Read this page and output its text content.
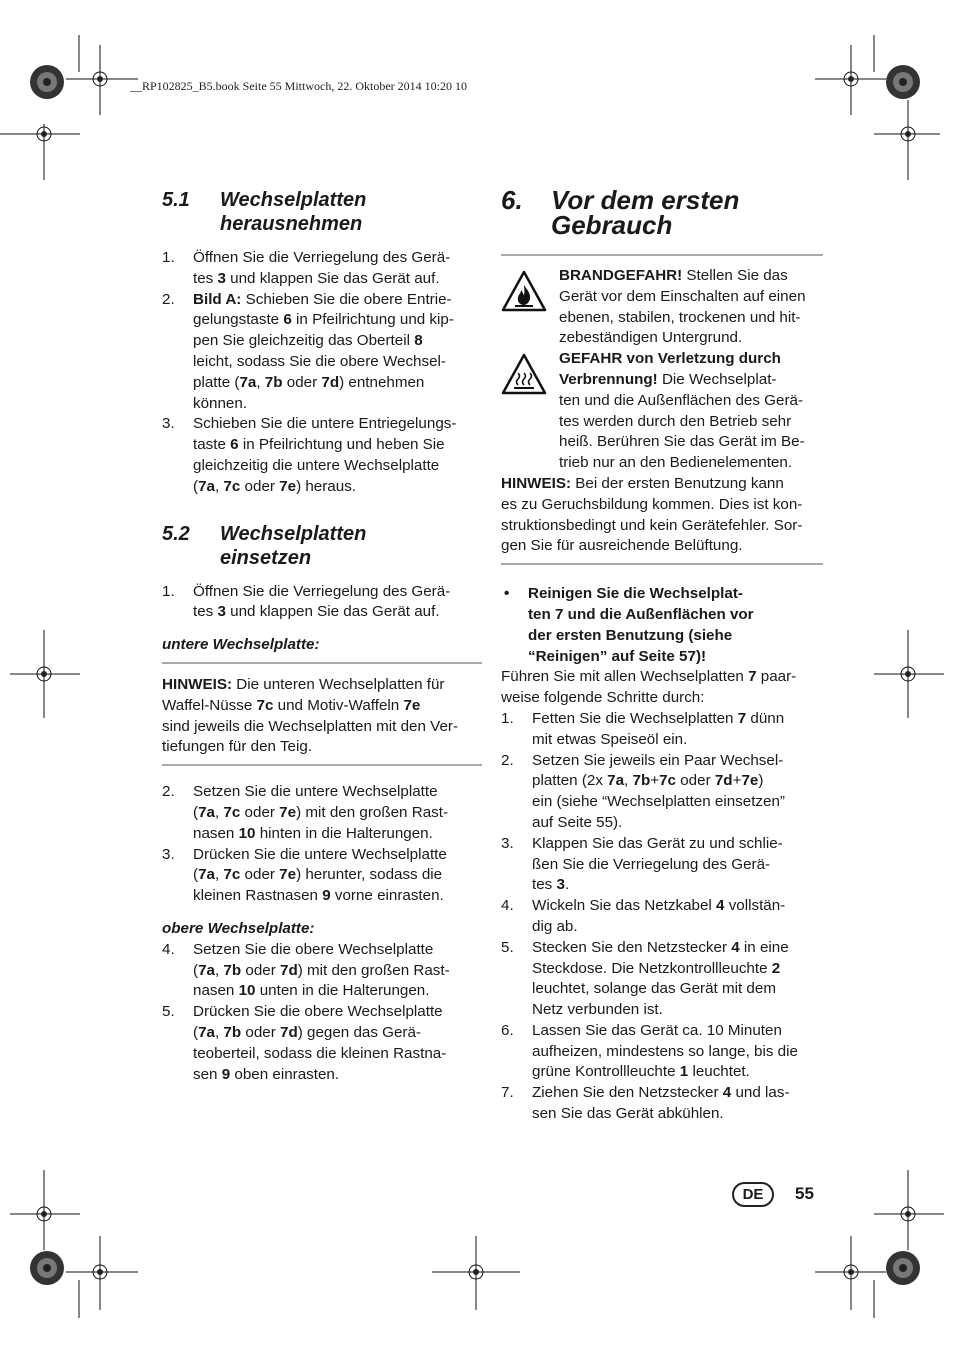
__RP102825_B5.book Seite 55 Mittwoch, 22. Oktober 2014 10:20 10
5.1 Wechselplatten
herausnehmen
1. Öffnen Sie die Verriegelung des Gerä-
tes 3 und klappen Sie das Gerät auf.
2. Bild A: Schieben Sie die obere Entrie-
gelungstaste 6 in Pfeilrichtung und kip-
pen Sie gleichzeitig das Oberteil 8
leicht, sodass Sie die obere Wechsel-
platte (7a, 7b oder 7d) entnehmen
können.
3. Schieben Sie die untere Entriegelungs-
taste 6 in Pfeilrichtung und heben Sie
gleichzeitig die untere Wechselplatte
(7a, 7c oder 7e) heraus.
5.2 Wechselplatten
einsetzen
1. Öffnen Sie die Verriegelung des Gerä-
tes 3 und klappen Sie das Gerät auf.
untere Wechselplatte:
HINWEIS: Die unteren Wechselplatten für
Waffel-Nüsse 7c und Motiv-Waffeln 7e
sind jeweils die Wechselplatten mit den Ver-
tiefungen für den Teig.
2. Setzen Sie die untere Wechselplatte
(7a, 7c oder 7e) mit den großen Rast-
nasen 10 hinten in die Halterungen.
3. Drücken Sie die untere Wechselplatte
(7a, 7c oder 7e) herunter, sodass die
kleinen Rastnasen 9 vorne einrasten.
obere Wechselplatte:
4. Setzen Sie die obere Wechselplatte
(7a, 7b oder 7d) mit den großen Rast-
nasen 10 unten in die Halterungen.
5. Drücken Sie die obere Wechselplatte
(7a, 7b oder 7d) gegen das Gerä-
teoberteil, sodass die kleinen Rastna-
sen 9 oben einrasten.
6. Vor dem ersten
Gebrauch
BRANDGEFAHR! Stellen Sie das
Gerät vor dem Einschalten auf einen
ebenen, stabilen, trockenen und hit-
zebeständigen Untergrund.
GEFAHR von Verletzung durch
Verbrennung! Die Wechselplat-
ten und die Außenflächen des Gerä-
tes werden durch den Betrieb sehr
heiß. Berühren Sie das Gerät im Be-
trieb nur an den Bedienelementen.
HINWEIS: Bei der ersten Benutzung kann
es zu Geruchsbildung kommen. Dies ist kon-
struktionsbedingt und kein Gerätefehler. Sor-
gen Sie für ausreichende Belüftung.
• Reinigen Sie die Wechselplat-
ten 7 und die Außenflächen vor
der ersten Benutzung (siehe
“Reinigen” auf Seite 57)!
Führen Sie mit allen Wechselplatten 7 paar-
weise folgende Schritte durch:
1. Fetten Sie die Wechselplatten 7 dünn
mit etwas Speiseöl ein.
2. Setzen Sie jeweils ein Paar Wechsel-
platten (2x 7a, 7b+7c oder 7d+7e)
ein (siehe “Wechselplatten einsetzen”
auf Seite 55).
3. Klappen Sie das Gerät zu und schlie-
ßen Sie die Verriegelung des Gerä-
tes 3.
4. Wickeln Sie das Netzkabel 4 vollstän-
dig ab.
5. Stecken Sie den Netzstecker 4 in eine
Steckdose. Die Netzkontrollleuchte 2
leuchtet, solange das Gerät mit dem
Netz verbunden ist.
6. Lassen Sie das Gerät ca. 10 Minuten
aufheizen, mindestens so lange, bis die
grüne Kontrollleuchte 1 leuchtet.
7. Ziehen Sie den Netzstecker 4 und las-
sen Sie das Gerät abkühlen.
DE	55
